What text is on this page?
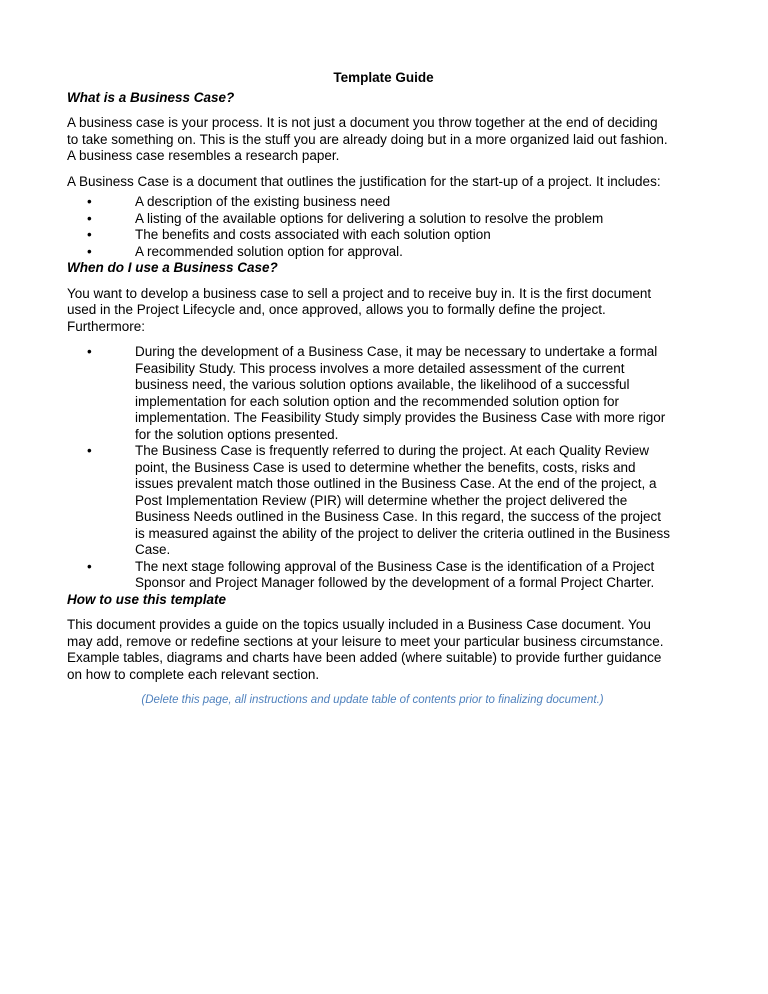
Template Guide
What is a Business Case?
A business case is your process. It is not just a document you throw together at the end of deciding to take something on. This is the stuff you are already doing but in a more organized laid out fashion. A business case resembles a research paper.
A Business Case is a document that outlines the justification for the start-up of a project. It includes:
•	A description of the existing business need
•	A listing of the available options for delivering a solution to resolve the problem
•	The benefits and costs associated with each solution option
•	A recommended solution option for approval.
When do I use a Business Case?
You want to develop a business case to sell a project and to receive buy in. It is the first document used in the Project Lifecycle and, once approved, allows you to formally define the project. Furthermore:
•	During the development of a Business Case, it may be necessary to undertake a formal Feasibility Study. This process involves a more detailed assessment of the current business need, the various solution options available, the likelihood of a successful implementation for each solution option and the recommended solution option for implementation. The Feasibility Study simply provides the Business Case with more rigor for the solution options presented.
•	The Business Case is frequently referred to during the project. At each Quality Review point, the Business Case is used to determine whether the benefits, costs, risks and issues prevalent match those outlined in the Business Case. At the end of the project, a Post Implementation Review (PIR) will determine whether the project delivered the Business Needs outlined in the Business Case. In this regard, the success of the project is measured against the ability of the project to deliver the criteria outlined in the Business Case.
•	The next stage following approval of the Business Case is the identification of a Project Sponsor and Project Manager followed by the development of a formal Project Charter.
How to use this template
This document provides a guide on the topics usually included in a Business Case document. You may add, remove or redefine sections at your leisure to meet your particular business circumstance. Example tables, diagrams and charts have been added (where suitable) to provide further guidance on how to complete each relevant section.
(Delete this page, all instructions and update table of contents prior to finalizing document.)
